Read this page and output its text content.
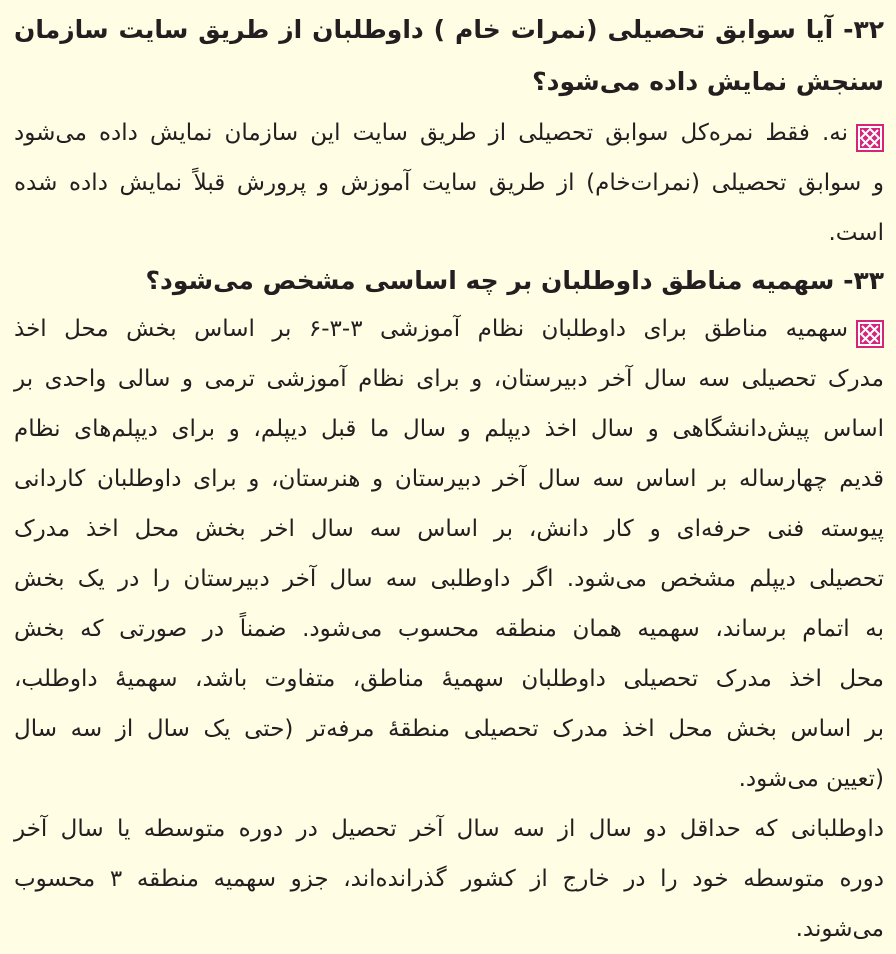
۳۲- آیا سوابق تحصیلی (نمرات خام ) داوطلبان از طریق سایت سازمان
سنجش نمایش داده می‌شود؟
نه. فقط نمره‌کل سوابق تحصیلی از طریق سایت این سازمان نمایش داده می‌شود
و سوابق تحصیلی (نمرات‌خام) از طریق سایت آموزش و پرورش قبلاً نمایش داده شده
است.
۳۳- سهمیه مناطق داوطلبان بر چه اساسی مشخص می‌شود؟
سهمیه مناطق برای داوطلبان نظام آموزشی ۳-۳-۶ بر اساس بخش محل اخذ
مدرک تحصیلی سه سال آخر دبیرستان، و برای نظام آموزشی ترمی و سالی واحدی بر
اساس پیش‌دانشگاهی و سال اخذ دیپلم و سال ما قبل دیپلم، و برای دیپلم‌های نظام
قدیم چهارساله بر اساس سه سال آخر دبیرستان و هنرستان، و برای داوطلبان کاردانی
پیوسته فنی حرفه‌ای و کار دانش، بر اساس سه سال اخر بخش محل اخذ مدرک
تحصیلی دیپلم مشخص می‌شود. اگر داوطلبی سه سال آخر دبیرستان را در یک بخش
به اتمام برساند، سهمیه همان منطقه محسوب می‌شود. ضمناً در صورتی که بخش
محل اخذ مدرک تحصیلی داوطلبان سهمیهٔ مناطق، متفاوت باشد، سهمیهٔ داوطلب،
بر اساس بخش محل اخذ مدرک تحصیلی منطقهٔ مرفه‌تر (حتی یک سال از سه سال
(تعیین می‌شود.
داوطلبانی که حداقل دو سال از سه سال آخر تحصیل در دوره متوسطه یا سال آخر
دوره متوسطه خود را در خارج از کشور گذرانده‌اند، جزو سهمیه منطقه ۳ محسوب
می‌شوند.
